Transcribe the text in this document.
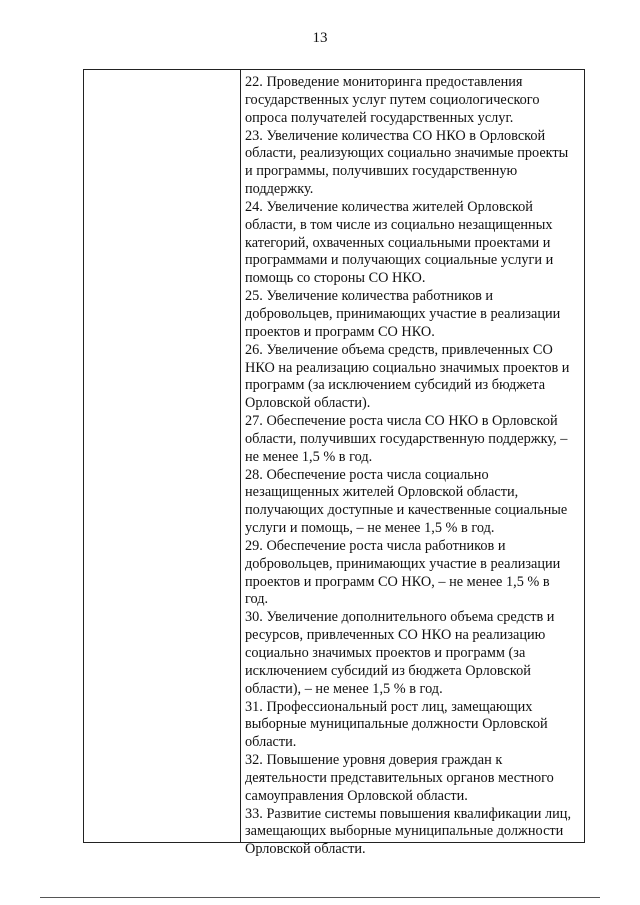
13
22. Проведение мониторинга предоставления
государственных услуг путем социологического
опроса получателей государственных услуг.
23. Увеличение количества СО НКО в Орловской
области, реализующих социально значимые проекты
и программы, получивших государственную
поддержку.
24. Увеличение количества жителей Орловской
области, в том числе из социально незащищенных
категорий, охваченных социальными проектами и
программами и получающих социальные услуги и
помощь со стороны СО НКО.
25. Увеличение количества работников и
добровольцев, принимающих участие в реализации
проектов и программ СО НКО.
26. Увеличение объема средств, привлеченных СО
НКО на реализацию социально значимых проектов и
программ (за исключением субсидий из бюджета
Орловской области).
27. Обеспечение роста числа СО НКО в Орловской
области, получивших государственную поддержку, –
не менее 1,5 % в год.
28. Обеспечение роста числа социально
незащищенных жителей Орловской области,
получающих доступные и качественные социальные
услуги и помощь, – не менее 1,5 % в год.
29. Обеспечение роста числа работников и
добровольцев, принимающих участие в реализации
проектов и программ СО НКО, – не менее 1,5 % в
год.
30. Увеличение дополнительного объема средств и
ресурсов, привлеченных СО НКО на реализацию
социально значимых проектов и программ (за
исключением субсидий из бюджета Орловской
области), – не менее 1,5 % в год.
31. Профессиональный рост лиц, замещающих
выборные муниципальные должности Орловской
области.
32. Повышение уровня доверия граждан к
деятельности представительных органов местного
самоуправления Орловской области.
33. Развитие системы повышения квалификации лиц,
замещающих выборные муниципальные должности
Орловской области.
